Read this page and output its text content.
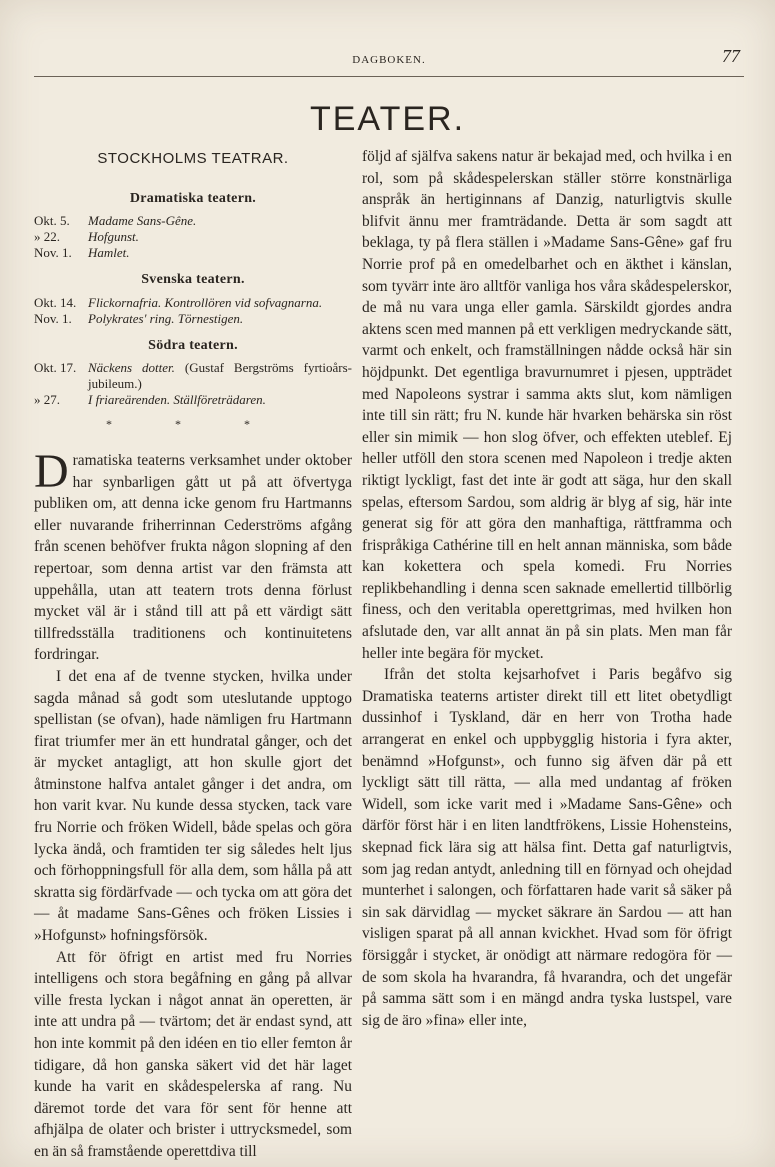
DAGBOKEN.	77
TEATER.
STOCKHOLMS TEATRAR.
Dramatiska teatern.
Okt. 5.	Madame Sans-Gêne.
» 22.	Hofgunst.
Nov. 1.	Hamlet.
Svenska teatern.
Okt. 14. Flickornafria. Kontrollören vid sofvagnarna.
Nov. 1.	Polykrates' ring. Törnestigen.
Södra teatern.
Okt. 17. Näckens dotter. (Gustaf Bergströms fyrtioårs-jubileum.)
» 27.	I friareärenden. Ställföreträdaren.
* * *

Dramatiska teaterns verksamhet under oktober har synbarligen gått ut på att öfvertyga publiken om, att denna icke genom fru Hartmanns eller nuvarande friherrinnan Cederströms afgång från scenen behöfver frukta någon slopning af den repertoar, som denna artist var den främsta att uppehålla, utan att teatern trots denna förlust mycket väl är i stånd till att på ett värdigt sätt tillfredsställa traditionens och kontinuitetens fordringar.

I det ena af de tvenne stycken, hvilka under sagda månad så godt som uteslutande upptogo spellistan (se ofvan), hade nämligen fru Hartmann firat triumfer mer än ett hundratal gånger, och det är mycket antagligt, att hon skulle gjort det åtminstone halfva antalet gånger i det andra, om hon varit kvar. Nu kunde dessa stycken, tack vare fru Norrie och fröken Widell, både spelas och göra lycka ändå, och framtiden ter sig således helt ljus och förhoppningsfull för alla dem, som hålla på att skratta sig fördärfvade — och tycka om att göra det — åt madame Sans-Gênes och fröken Lissies i »Hofgunst» hofningsförsök.

Att för öfrigt en artist med fru Norries intelligens och stora begåfning en gång på allvar ville fresta lyckan i något annat än operetten, är inte att undra på — tvärtom; det är endast synd, att hon inte kommit på den idéen en tio eller femton år tidigare, då hon ganska säkert vid det här laget kunde ha varit en skådespelerska af rang. Nu däremot torde det vara för sent för henne att afhjälpa de olater och brister i uttrycksmedel, som en än så framstående operettdiva till

följd af själfva sakens natur är bekajad med, och hvilka i en rol, som på skådespelerskan ställer större konstnärliga anspråk än hertiginnans af Danzig, naturligtvis skulle blifvit ännu mer framträdande. Detta är som sagdt att beklaga, ty på flera ställen i »Madame Sans-Gêne» gaf fru Norrie prof på en omedelbarhet och en äkthet i känslan, som tyvärr inte äro alltför vanliga hos våra skådespelerskor, de må nu vara unga eller gamla. Särskildt gjordes andra aktens scen med mannen på ett verkligen medryckande sätt, varmt och enkelt, och framställningen nådde också här sin höjdpunkt. Det egentliga bravurnumret i pjesen, uppträdet med Napoleons systrar i samma akts slut, kom nämligen inte till sin rätt; fru N. kunde här hvarken behärska sin röst eller sin mimik — hon slog öfver, och effekten uteblef. Ej heller utföll den stora scenen med Napoleon i tredje akten riktigt lyckligt, fast det inte är godt att säga, hur den skall spelas, eftersom Sardou, som aldrig är blyg af sig, här inte generat sig för att göra den manhaftiga, rättframma och frispråkiga Cathérine till en helt annan människa, som både kan kokettera och spela komedi. Fru Norries replikbehandling i denna scen saknade emellertid tillbörlig finess, och den veritabla operettgrimas, med hvilken hon afslutade den, var allt annat än på sin plats. Men man får heller inte begära för mycket.

Ifrån det stolta kejsarhofvet i Paris begåfvo sig Dramatiska teaterns artister direkt till ett litet obetydligt dussinhof i Tyskland, där en herr von Trotha hade arrangerat en enkel och uppbygglig historia i fyra akter, benämnd »Hofgunst», och funno sig äfven där på ett lyckligt sätt till rätta, — alla med undantag af fröken Widell, som icke varit med i »Madame Sans-Gêne» och därför först här i en liten landtfrökens, Lissie Hohensteins, skepnad fick lära sig att hälsa fint. Detta gaf naturligtvis, som jag redan antydt, anledning till en förnyad och ohejdad munterhet i salongen, och författaren hade varit så säker på sin sak därvidlag — mycket säkrare än Sardou — att han visligen sparat på all annan kvickhet. Hvad som för öfrigt försiggår i stycket, är onödigt att närmare redogöra för — de som skola ha hvarandra, få hvarandra, och det ungefär på samma sätt som i en mängd andra tyska lustspel, vare sig de äro »fina» eller inte,
